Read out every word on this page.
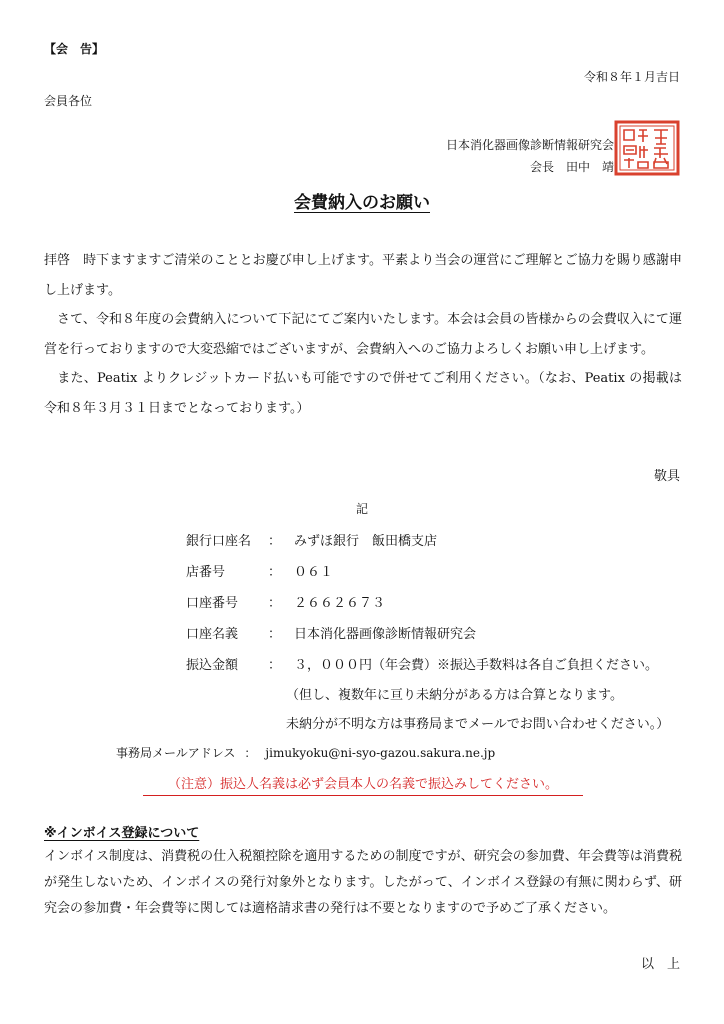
【会　告】
令和８年１月吉日
会員各位
日本消化器画像診断情報研究会
会長　田中　靖
会費納入のお願い

拝啓　時下ますますご清栄のこととお慶び申し上げます。平素より当会の運営にご理解とご協力を賜り感謝申し上げます。

　さて、令和８年度の会費納入について下記にてご案内いたします。本会は会員の皆様からの会費収入にて運営を行っておりますので大変恐縮ではございますが、会費納入へのご協力よろしくお願い申し上げます。

　また、Peatix よりクレジットカード払いも可能ですので併せてご利用ください。（なお、Peatix の掲載は令和８年３月３１日までとなっております。）

敬具
記
銀行口座名 ： みずほ銀行　飯田橋支店
店番号	： ０６１
口座番号 ： ２６６２６７３
口座名義 ： 日本消化器画像診断情報研究会
振込金額 ： ３，０００円（年会費）※振込手数料は各自ご負担ください。
（但し、複数年に亘り未納分がある方は合算となります。
未納分が不明な方は事務局までメールでお問い合わせください。）
事務局メールアドレス ： jimukyoku@ni-syo-gazou.sakura.ne.jp
（注意）振込人名義は必ず会員本人の名義で振込みしてください。
※インボイス登録について

インボイス制度は、消費税の仕入税額控除を適用するための制度ですが、研究会の参加費、年会費等は消費税が発生しないため、インボイスの発行対象外となります。したがって、インボイス登録の有無に関わらず、研究会の参加費・年会費等に関しては適格請求書の発行は不要となりますので予めご了承ください。

以　上
